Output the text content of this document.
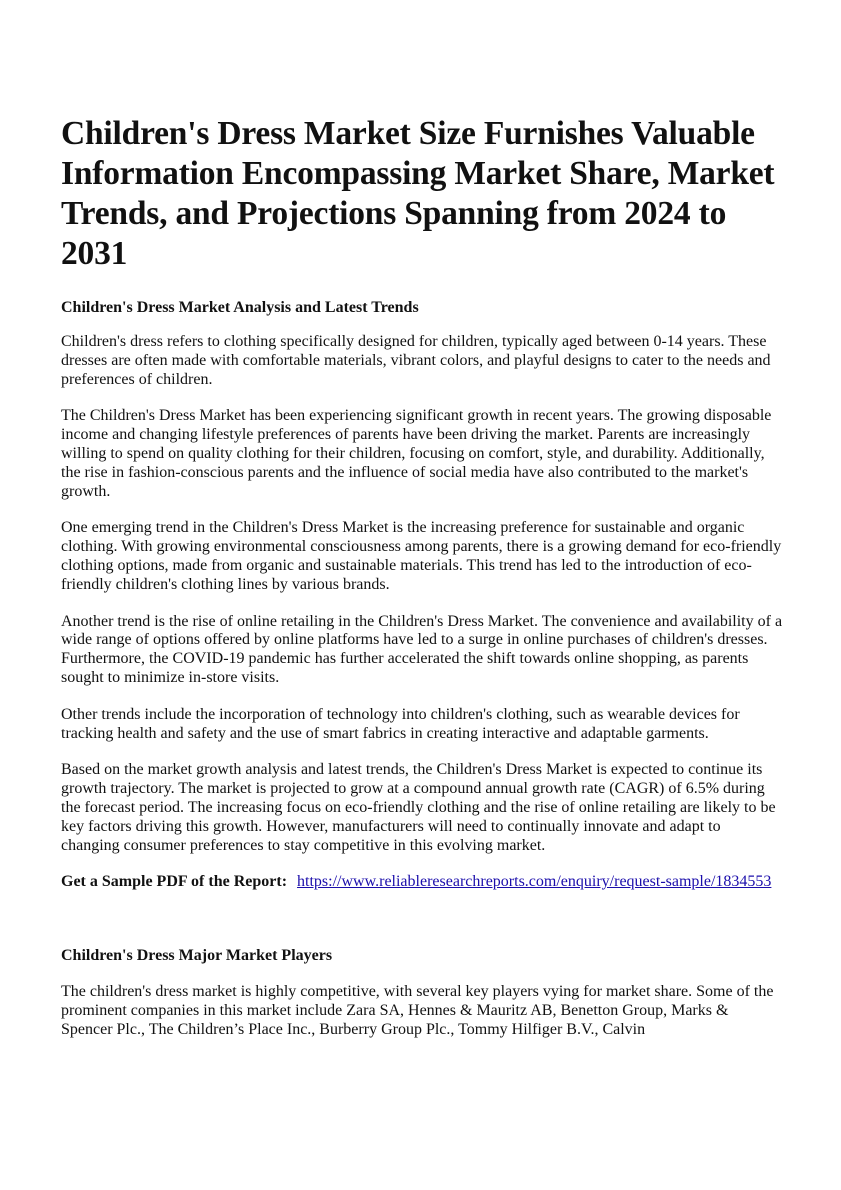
Children's Dress Market Size Furnishes Valuable Information Encompassing Market Share, Market Trends, and Projections Spanning from 2024 to 2031
Children's Dress Market Analysis and Latest Trends

Children's dress refers to clothing specifically designed for children, typically aged between 0-14 years. These dresses are often made with comfortable materials, vibrant colors, and playful designs to cater to the needs and preferences of children.

The Children's Dress Market has been experiencing significant growth in recent years. The growing disposable income and changing lifestyle preferences of parents have been driving the market. Parents are increasingly willing to spend on quality clothing for their children, focusing on comfort, style, and durability. Additionally, the rise in fashion-conscious parents and the influence of social media have also contributed to the market's growth.

One emerging trend in the Children's Dress Market is the increasing preference for sustainable and organic clothing. With growing environmental consciousness among parents, there is a growing demand for eco-friendly clothing options, made from organic and sustainable materials. This trend has led to the introduction of eco-friendly children's clothing lines by various brands.

Another trend is the rise of online retailing in the Children's Dress Market. The convenience and availability of a wide range of options offered by online platforms have led to a surge in online purchases of children's dresses. Furthermore, the COVID-19 pandemic has further accelerated the shift towards online shopping, as parents sought to minimize in-store visits.

Other trends include the incorporation of technology into children's clothing, such as wearable devices for tracking health and safety and the use of smart fabrics in creating interactive and adaptable garments.

Based on the market growth analysis and latest trends, the Children's Dress Market is expected to continue its growth trajectory. The market is projected to grow at a compound annual growth rate (CAGR) of 6.5% during the forecast period. The increasing focus on eco-friendly clothing and the rise of online retailing are likely to be key factors driving this growth. However, manufacturers will need to continually innovate and adapt to changing consumer preferences to stay competitive in this evolving market.

Get a Sample PDF of the Report: https://www.reliableresearchreports.com/enquiry/request-sample/1834553

Children's Dress Major Market Players

The children's dress market is highly competitive, with several key players vying for market share. Some of the prominent companies in this market include Zara SA, Hennes & Mauritz AB, Benetton Group, Marks & Spencer Plc., The Children’s Place Inc., Burberry Group Plc., Tommy Hilfiger B.V., Calvin
